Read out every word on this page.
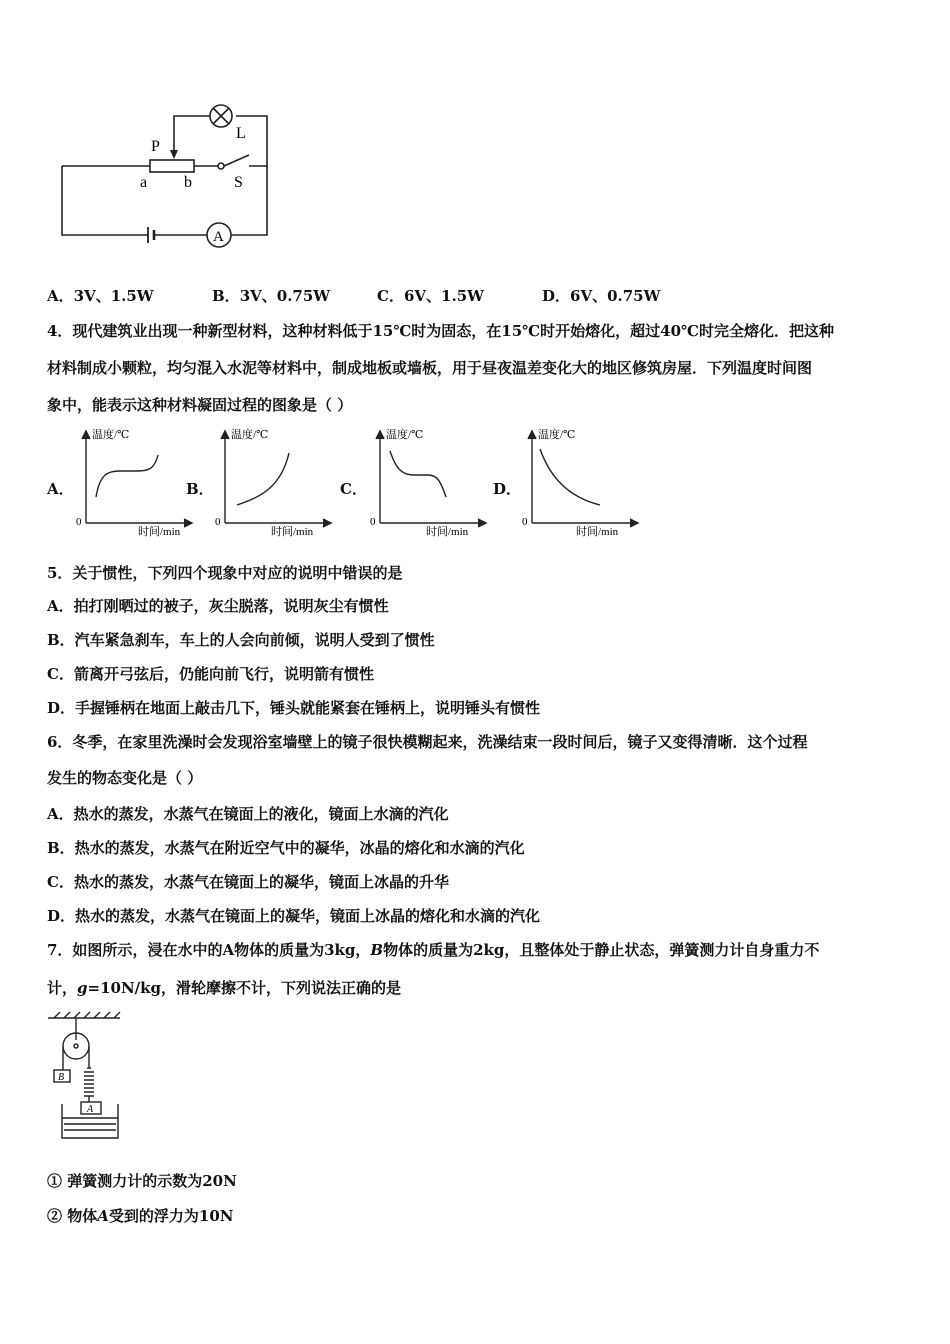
P
L
a b	S
A
A．3V、1.5W	B．3V、0.75W	C．6V、1.5W	D．6V、0.75W
4．现代建筑业出现一种新型材料，这种材料低于15℃时为固态，在15℃时开始熔化，超过40℃时完全熔化．把这种
材料制成小颗粒，均匀混入水泥等材料中，制成地板或墙板，用于昼夜温差变化大的地区修筑房屋．下列温度时间图
象中，能表示这种材料凝固过程的图象是（ ）
A．	B．	C．	D．
温度/℃
0
时间/min
温度/℃
0
时间/min
温度/℃
0
时间/min
温度/℃
0
时间/min
5．关于惯性，下列四个现象中对应的说明中错误的是
A．拍打刚晒过的被子，灰尘脱落，说明灰尘有惯性
B．汽车紧急刹车，车上的人会向前倾，说明人受到了惯性
C．箭离开弓弦后，仍能向前飞行，说明箭有惯性
D．手握锤柄在地面上敲击几下，锤头就能紧套在锤柄上，说明锤头有惯性
6．冬季，在家里洗澡时会发现浴室墙壁上的镜子很快模糊起来，洗澡结束一段时间后，镜子又变得清晰．这个过程
发生的物态变化是（ ）
A．热水的蒸发，水蒸气在镜面上的液化，镜面上水滴的汽化
B．热水的蒸发，水蒸气在附近空气中的凝华，冰晶的熔化和水滴的汽化
C．热水的蒸发，水蒸气在镜面上的凝华，镜面上冰晶的升华
D．热水的蒸发，水蒸气在镜面上的凝华，镜面上冰晶的熔化和水滴的汽化
7．如图所示，浸在水中的A物体的质量为3kg，B物体的质量为2kg，且整体处于静止状态，弹簧测力计自身重力不
计，g=10N/kg，滑轮摩擦不计，下列说法正确的是
B
A
① 弹簧测力计的示数为20N
② 物体A受到的浮力为10N
